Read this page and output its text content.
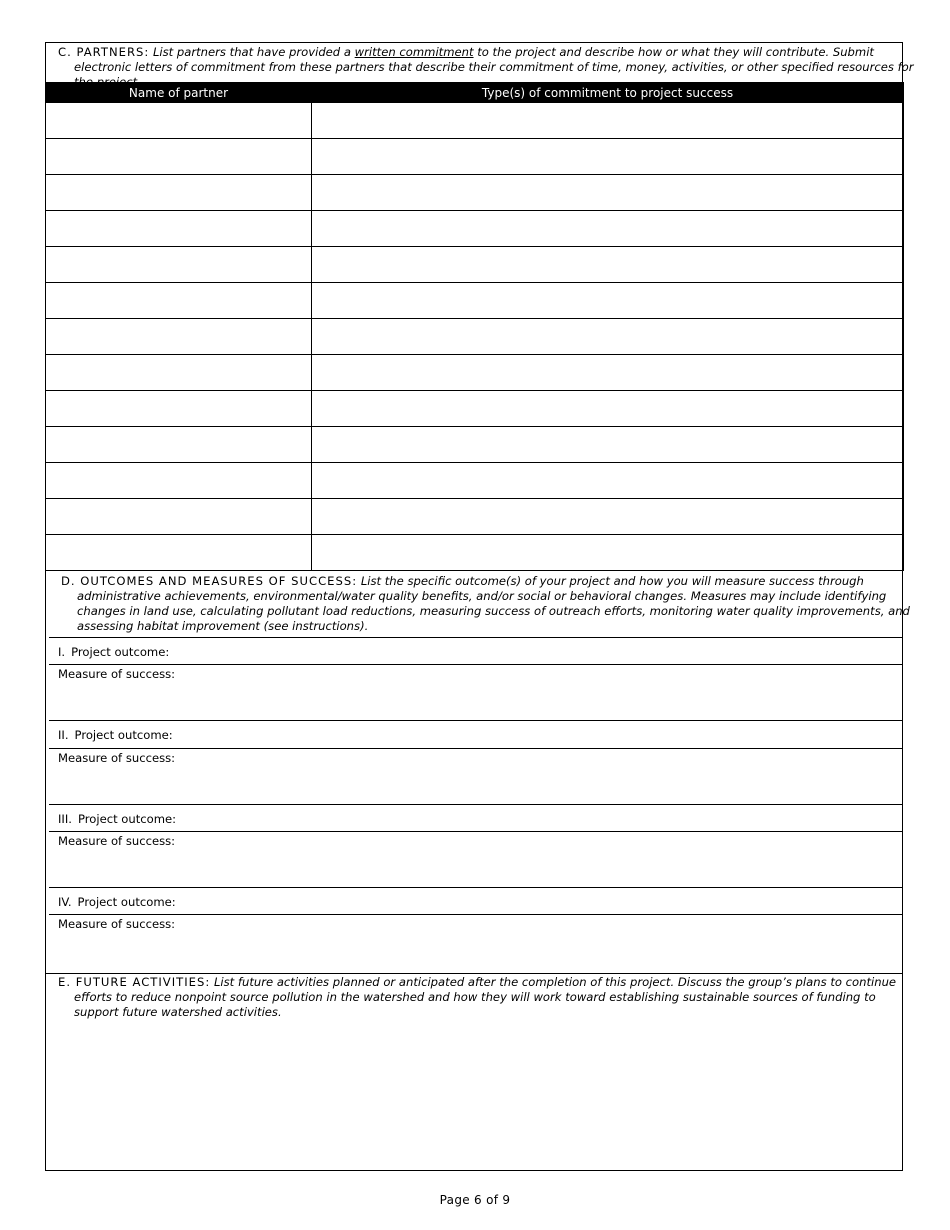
C. PARTNERS: List partners that have provided a written commitment to the project and describe how or what they will contribute. Submit electronic letters of commitment from these partners that describe their commitment of time, money, activities, or other specified resources for
Name of partner	Type(s) of commitment to project success

D. OUTCOMES AND MEASURES OF SUCCESS: List the specific outcome(s) of your project and how you will measure success through administrative achievements, environmental/water quality benefits, and/or social or behavioral changes. Measures may include identifying changes in land use, calculating pollutant load reductions, measuring success of outreach efforts, monitoring water quality improvements, and assessing habitat improvement (see instructions).
I. Project outcome:
Measure of success:
II. Project outcome:
Measure of success:
III. Project outcome:
Measure of success:
IV. Project outcome:
Measure of success:
E. FUTURE ACTIVITIES: List future activities planned or anticipated after the completion of this project. Discuss the group’s plans to continue efforts to reduce nonpoint source pollution in the watershed and how they will work toward establishing sustainable sources of funding to support future watershed activities.
Page 6 of 9
